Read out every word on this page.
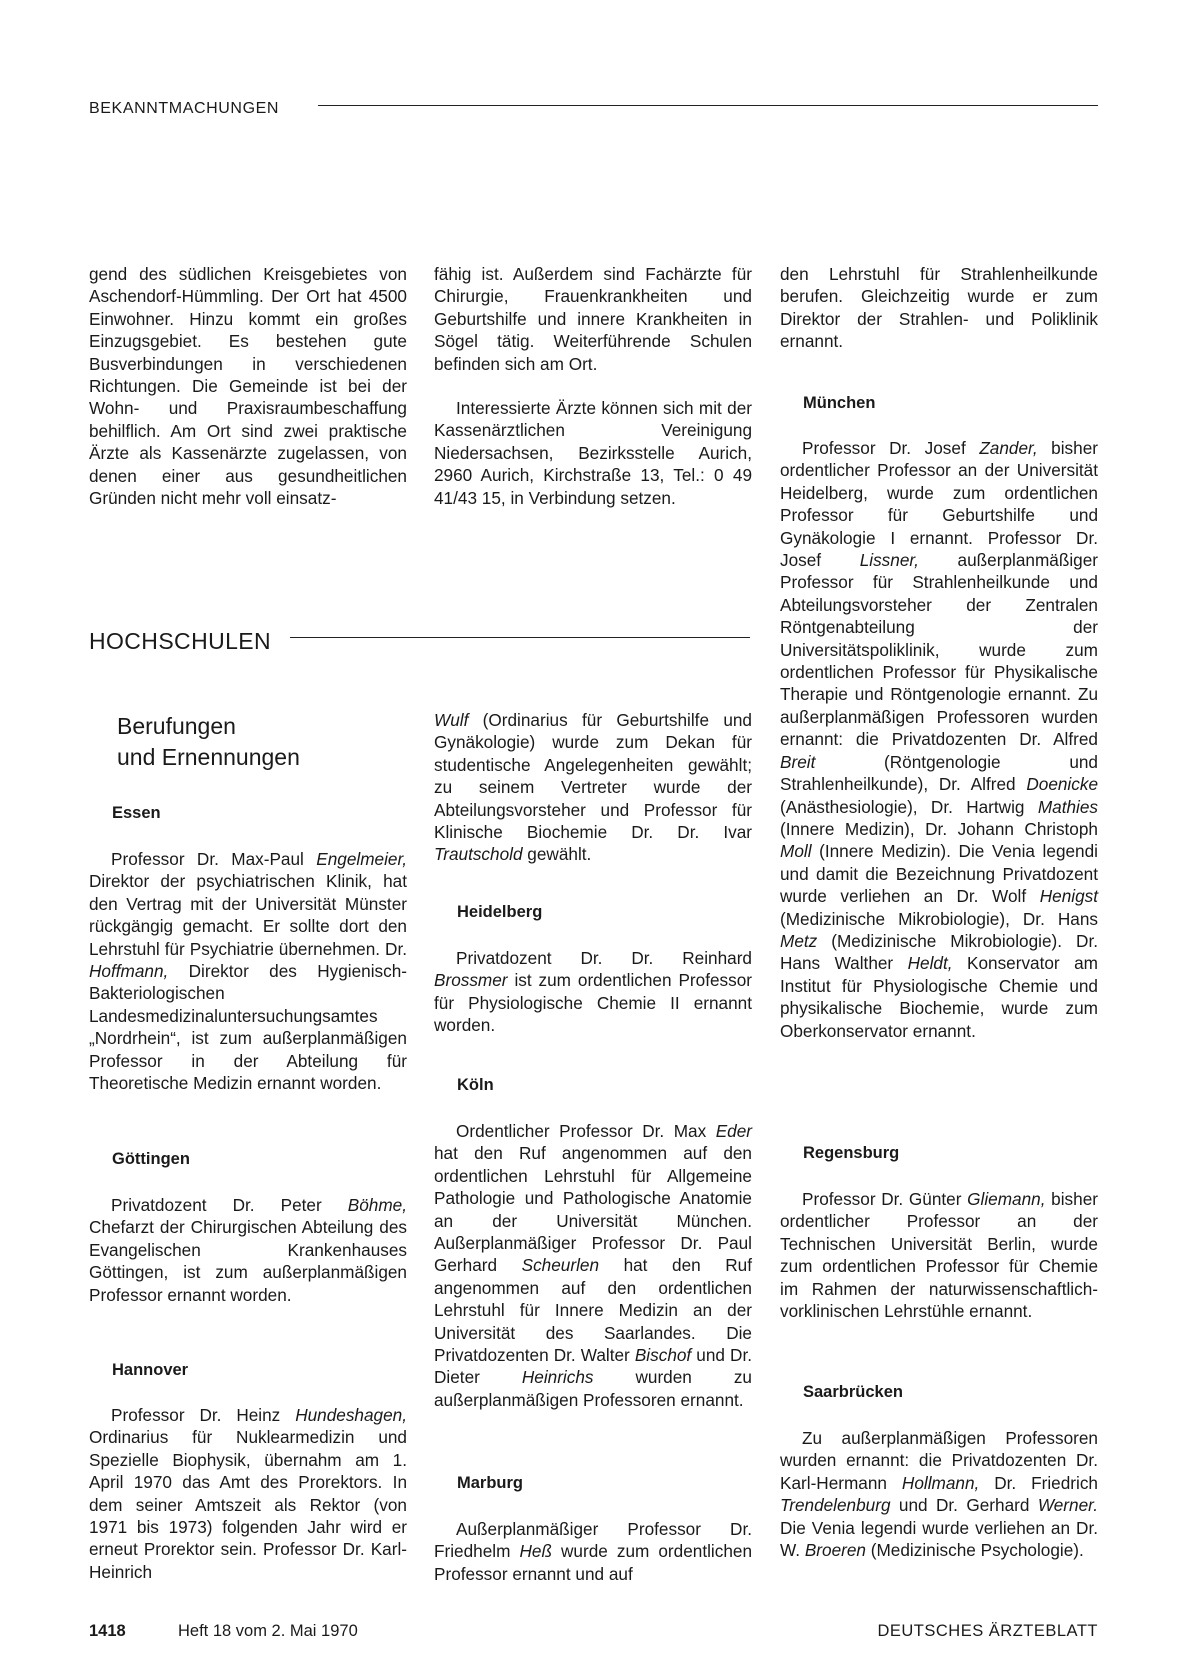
BEKANNTMACHUNGEN

gend des südlichen Kreisgebietes von Aschendorf-Hümmling. Der Ort hat 4500 Einwohner. Hinzu kommt ein großes Einzugsgebiet. Es bestehen gute Busverbindungen in verschiedenen Richtungen. Die Gemeinde ist bei der Wohn- und Praxisraumbeschaffung behilflich. Am Ort sind zwei praktische Ärzte als Kassenärzte zugelassen, von denen einer aus gesundheitlichen Gründen nicht mehr voll einsatz-

fähig ist. Außerdem sind Fachärzte für Chirurgie, Frauenkrankheiten und Geburtshilfe und innere Krankheiten in Sögel tätig. Weiterführende Schulen befinden sich am Ort.

Interessierte Ärzte können sich mit der Kassenärztlichen Vereinigung Niedersachsen, Bezirksstelle Aurich, 2960 Aurich, Kirchstraße 13, Tel.: 0 49 41/43 15, in Verbindung setzen.

den Lehrstuhl für Strahlenheilkunde berufen. Gleichzeitig wurde er zum Direktor der Strahlen- und Poliklinik ernannt.

HOCHSCHULEN
Berufungen
und Ernennungen
Essen

Professor Dr. Max-Paul Engelmeier, Direktor der psychiatrischen Klinik, hat den Vertrag mit der Universität Münster rückgängig gemacht. Er sollte dort den Lehrstuhl für Psychiatrie übernehmen. Dr. Hoffmann, Direktor des Hygienisch-Bakteriologischen Landesmedizinaluntersuchungsamtes „Nordrhein“, ist zum außerplanmäßigen Professor in der Abteilung für Theoretische Medizin ernannt worden.

Göttingen

Privatdozent Dr. Peter Böhme, Chefarzt der Chirurgischen Abteilung des Evangelischen Krankenhauses Göttingen, ist zum außerplanmäßigen Professor ernannt worden.

Hannover

Professor Dr. Heinz Hundeshagen, Ordinarius für Nuklearmedizin und Spezielle Biophysik, übernahm am 1. April 1970 das Amt des Prorektors. In dem seiner Amtszeit als Rektor (von 1971 bis 1973) folgenden Jahr wird er erneut Prorektor sein. Professor Dr. Karl-Heinrich

Wulf (Ordinarius für Geburtshilfe und Gynäkologie) wurde zum Dekan für studentische Angelegenheiten gewählt; zu seinem Vertreter wurde der Abteilungsvorsteher und Professor für Klinische Biochemie Dr. Dr. Ivar Trautschold gewählt.

Heidelberg

Privatdozent Dr. Dr. Reinhard Brossmer ist zum ordentlichen Professor für Physiologische Chemie II ernannt worden.

Köln

Ordentlicher Professor Dr. Max Eder hat den Ruf angenommen auf den ordentlichen Lehrstuhl für Allgemeine Pathologie und Pathologische Anatomie an der Universität München. Außerplanmäßiger Professor Dr. Paul Gerhard Scheurlen hat den Ruf angenommen auf den ordentlichen Lehrstuhl für Innere Medizin an der Universität des Saarlandes. Die Privatdozenten Dr. Walter Bischof und Dr. Dieter Heinrichs wurden zu außerplanmäßigen Professoren ernannt.

Marburg

Außerplanmäßiger Professor Dr. Friedhelm Heß wurde zum ordentlichen Professor ernannt und auf

München

Professor Dr. Josef Zander, bisher ordentlicher Professor an der Universität Heidelberg, wurde zum ordentlichen Professor für Geburtshilfe und Gynäkologie I ernannt. Professor Dr. Josef Lissner, außerplanmäßiger Professor für Strahlenheilkunde und Abteilungsvorsteher der Zentralen Röntgenabteilung der Universitätspoliklinik, wurde zum ordentlichen Professor für Physikalische Therapie und Röntgenologie ernannt. Zu außerplanmäßigen Professoren wurden ernannt: die Privatdozenten Dr. Alfred Breit (Röntgenologie und Strahlenheilkunde), Dr. Alfred Doenicke (Anästhesiologie), Dr. Hartwig Mathies (Innere Medizin), Dr. Johann Christoph Moll (Innere Medizin). Die Venia legendi und damit die Bezeichnung Privatdozent wurde verliehen an Dr. Wolf Henigst (Medizinische Mikrobiologie), Dr. Hans Metz (Medizinische Mikrobiologie). Dr. Hans Walther Heldt, Konservator am Institut für Physiologische Chemie und physikalische Biochemie, wurde zum Oberkonservator ernannt.

Regensburg

Professor Dr. Günter Gliemann, bisher ordentlicher Professor an der Technischen Universität Berlin, wurde zum ordentlichen Professor für Chemie im Rahmen der naturwissenschaftlich-vorklinischen Lehrstühle ernannt.

Saarbrücken

Zu außerplanmäßigen Professoren wurden ernannt: die Privatdozenten Dr. Karl-Hermann Hollmann, Dr. Friedrich Trendelenburg und Dr. Gerhard Werner. Die Venia legendi wurde verliehen an Dr. W. Broeren (Medizinische Psychologie).

1418	Heft 18 vom 2. Mai 1970	DEUTSCHES ÄRZTEBLATT
